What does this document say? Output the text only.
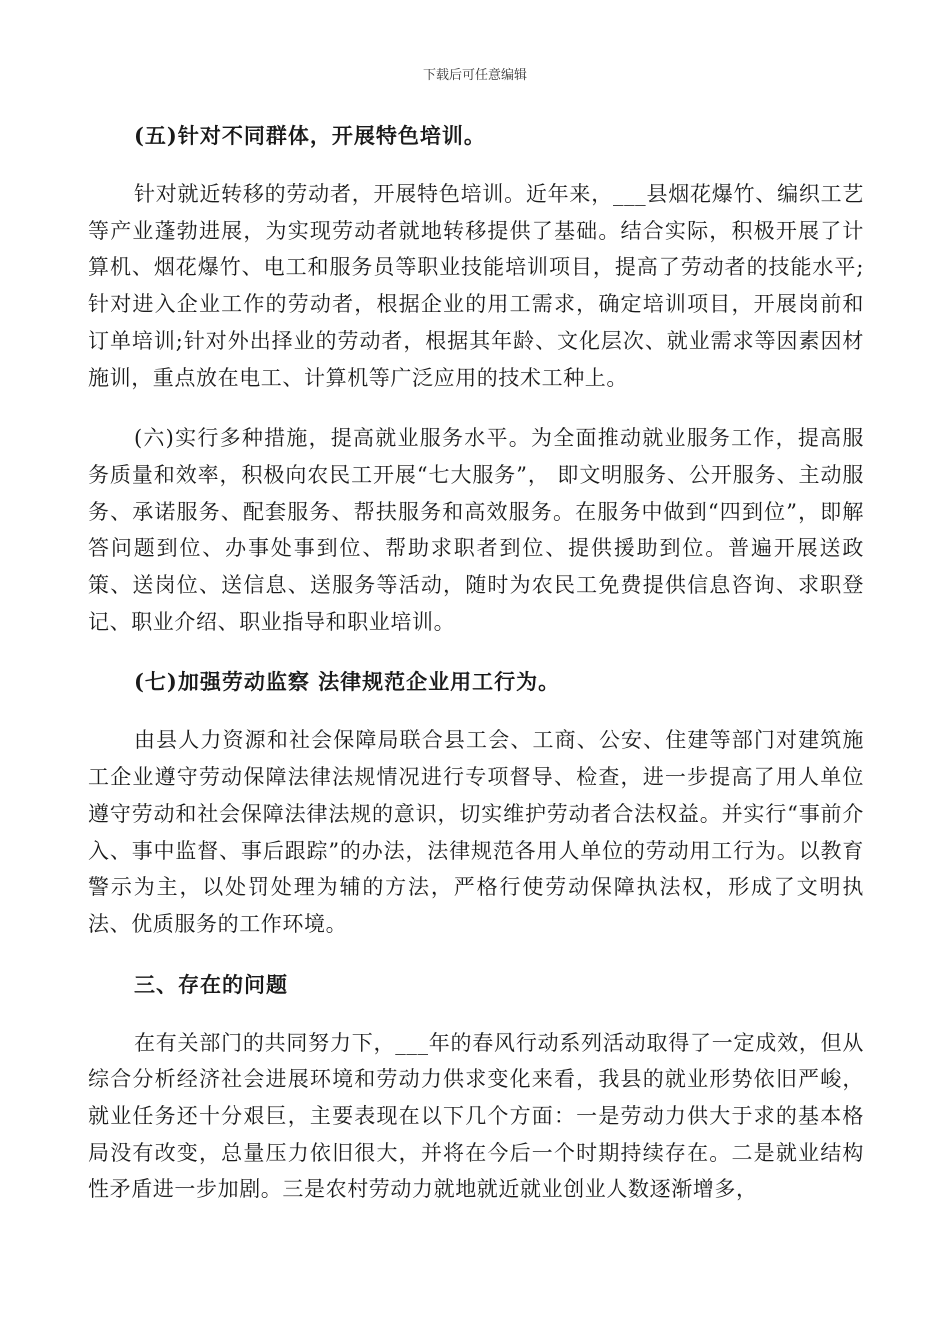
下载后可任意编辑

(五)针对不同群体，开展特色培训。

针对就近转移的劳动者，开展特色培训。近年来，___县烟花爆竹、编织工艺等产业蓬勃进展，为实现劳动者就地转移提供了基础。结合实际，积极开展了计算机、烟花爆竹、电工和服务员等职业技能培训项目，提高了劳动者的技能水平;针对进入企业工作的劳动者，根据企业的用工需求，确定培训项目，开展岗前和订单培训;针对外出择业的劳动者，根据其年龄、文化层次、就业需求等因素因材施训，重点放在电工、计算机等广泛应用的技术工种上。

(六)实行多种措施，提高就业服务水平。为全面推动就业服务工作，提高服务质量和效率，积极向农民工开展“七大服务”， 即文明服务、公开服务、主动服务、承诺服务、配套服务、帮扶服务和高效服务。在服务中做到“四到位”，即解答问题到位、办事处事到位、帮助求职者到位、提供援助到位。普遍开展送政策、送岗位、送信息、送服务等活动，随时为农民工免费提供信息咨询、求职登记、职业介绍、职业指导和职业培训。

(七)加强劳动监察 法律规范企业用工行为。

由县人力资源和社会保障局联合县工会、工商、公安、住建等部门对建筑施工企业遵守劳动保障法律法规情况进行专项督导、检查，进一步提高了用人单位遵守劳动和社会保障法律法规的意识，切实维护劳动者合法权益。并实行“事前介入、事中监督、事后跟踪”的办法，法律规范各用人单位的劳动用工行为。以教育警示为主，以处罚处理为辅的方法，严格行使劳动保障执法权，形成了文明执法、优质服务的工作环境。

三、存在的问题

在有关部门的共同努力下，___年的春风行动系列活动取得了一定成效，但从综合分析经济社会进展环境和劳动力供求变化来看，我县的就业形势依旧严峻，就业任务还十分艰巨，主要表现在以下几个方面：一是劳动力供大于求的基本格局没有改变，总量压力依旧很大，并将在今后一个时期持续存在。二是就业结构性矛盾进一步加剧。三是农村劳动力就地就近就业创业人数逐渐增多，
